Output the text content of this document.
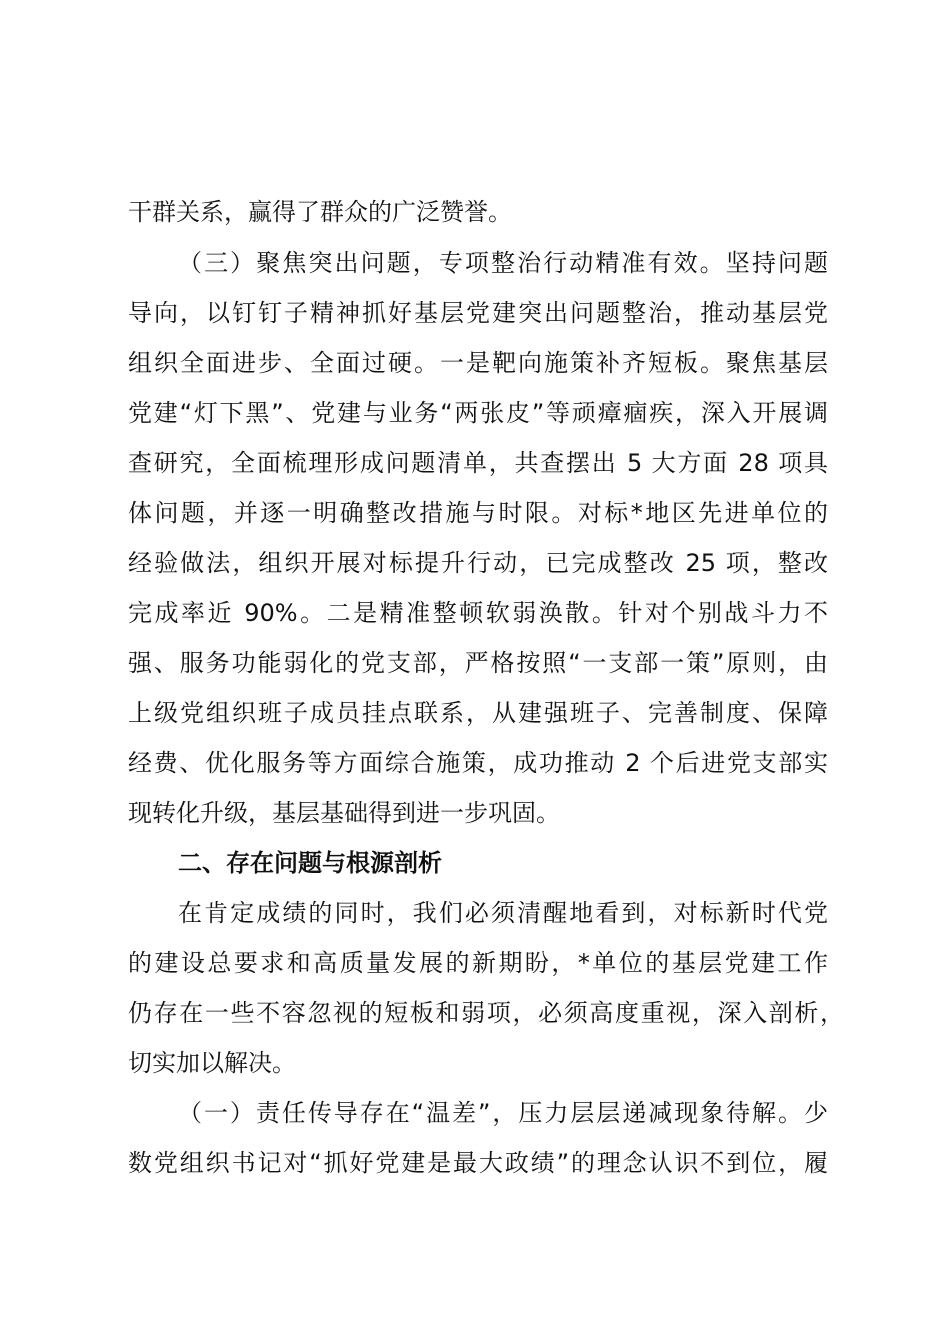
干群关系，赢得了群众的广泛赞誉。
（三）聚焦突出问题，专项整治行动精准有效。坚持问题
导向，以钉钉子精神抓好基层党建突出问题整治，推动基层党
组织全面进步、全面过硬。一是靶向施策补齐短板。聚焦基层
党建“灯下黑”、党建与业务“两张皮”等顽瘴痼疾，深入开展调
查研究，全面梳理形成问题清单，共查摆出 5 大方面 28 项具
体问题，并逐一明确整改措施与时限。对标*地区先进单位的
经验做法，组织开展对标提升行动，已完成整改 25 项，整改
完成率近 90%。二是精准整顿软弱涣散。针对个别战斗力不
强、服务功能弱化的党支部，严格按照“一支部一策”原则，由
上级党组织班子成员挂点联系，从建强班子、完善制度、保障
经费、优化服务等方面综合施策，成功推动 2 个后进党支部实
现转化升级，基层基础得到进一步巩固。
二、存在问题与根源剖析
在肯定成绩的同时，我们必须清醒地看到，对标新时代党
的建设总要求和高质量发展的新期盼，*单位的基层党建工作
仍存在一些不容忽视的短板和弱项，必须高度重视，深入剖析，
切实加以解决。
（一）责任传导存在“温差”，压力层层递减现象待解。少
数党组织书记对“抓好党建是最大政绩”的理念认识不到位，履
